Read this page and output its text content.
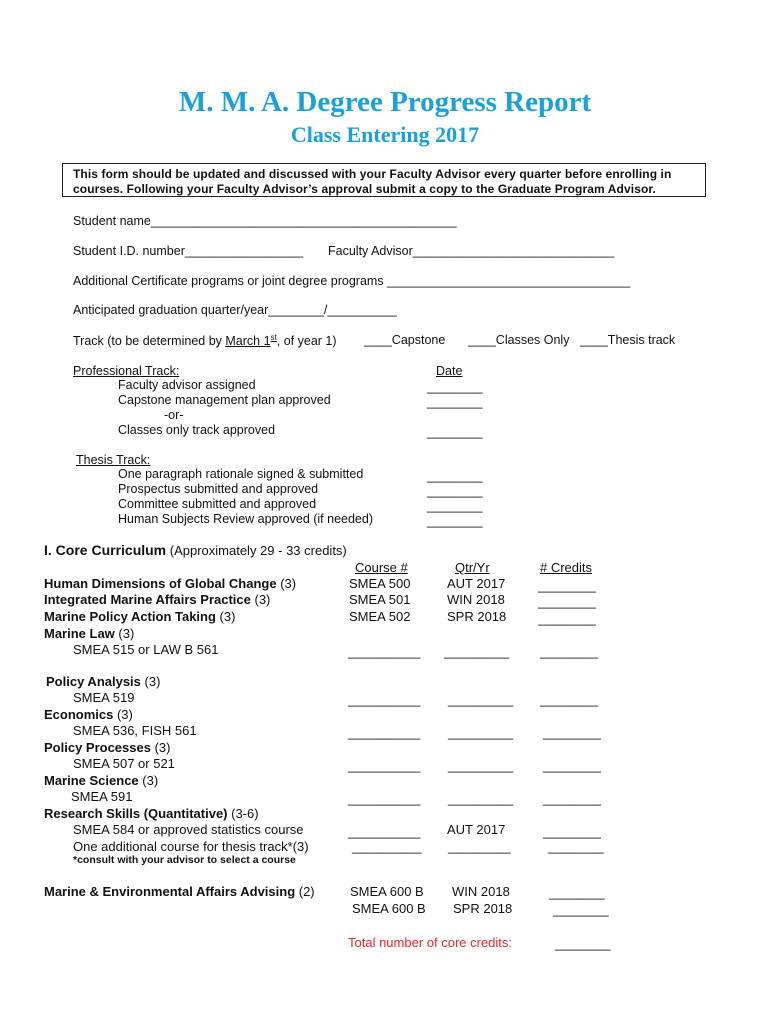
M. M. A. Degree Progress Report
Class Entering 2017
This form should be updated and discussed with your Faculty Advisor every quarter before enrolling in courses. Following your Faculty Advisor’s approval submit a copy to the Graduate Program Advisor.
Student name____________________________________________
Student I.D. number_________________ Faculty Advisor_____________________________
Additional Certificate programs or joint degree programs ___________________________________
Anticipated graduation quarter/year________/__________
Track (to be determined by March 1st, of year 1) ____Capstone ____Classes Only ____Thesis track
Professional Track:	Date
Faculty advisor assigned	________
Capstone management plan approved	________
-or-
Classes only track approved	________
Thesis Track:
One paragraph rationale signed & submitted	________
Prospectus submitted and approved	________
Committee submitted and approved	________
Human Subjects Review approved (if needed)	________
I. Core Curriculum (Approximately 29 - 33 credits)
Course #	Qtr/Yr	# Credits
Human Dimensions of Global Change (3)	SMEA 500	AUT 2017	________
Integrated Marine Affairs Practice (3)	SMEA 501	WIN 2018	________
Marine Policy Action Taking (3)	SMEA 502	SPR 2018 ________
Marine Law (3)
SMEA 515 or LAW B 561	__________ _________ ________
Policy Analysis (3)
SMEA 519	__________ _________ ________
Economics (3)
SMEA 536, FISH 561	__________ _________ ________
Policy Processes (3)
SMEA 507 or 521	__________ _________ ________
Marine Science (3)
SMEA 591	__________ _________ ________
Research Skills (Quantitative) (3-6)
SMEA 584 or approved statistics course	__________ AUT 2017	________
One additional course for thesis track*(3)
*consult with your advisor to select a course
__________ _________	________
Marine & Environmental Affairs Advising (2)	SMEA 600 B WIN 2018	________
SMEA 600 B SPR 2018	________
Total number of core credits:	________
